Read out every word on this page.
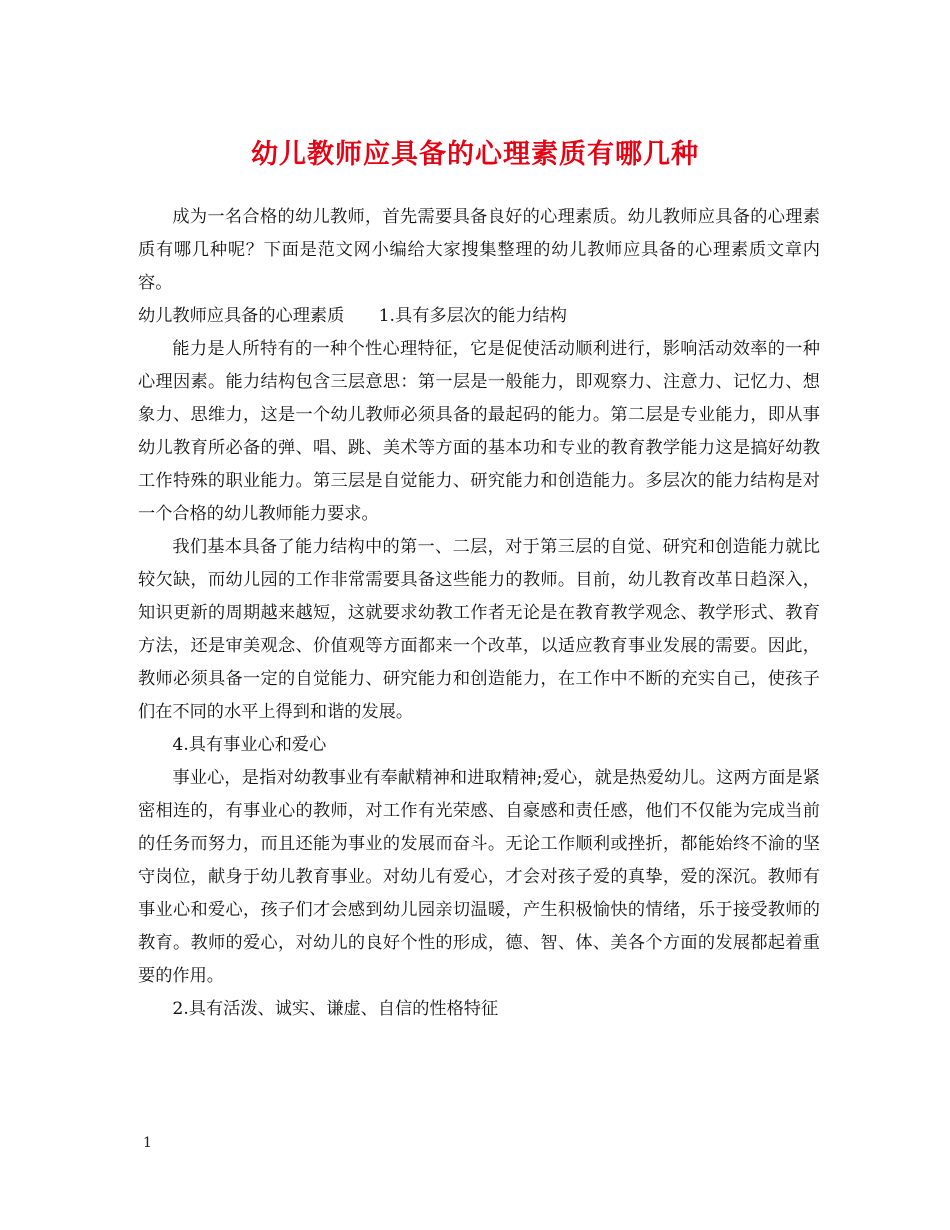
幼儿教师应具备的心理素质有哪几种

成为一名合格的幼儿教师，首先需要具备良好的心理素质。幼儿教师应具备的心理素质有哪几种呢？下面是范文网小编给大家搜集整理的幼儿教师应具备的心理素质文章内容。

幼儿教师应具备的心理素质　　1.具有多层次的能力结构

能力是人所特有的一种个性心理特征，它是促使活动顺利进行，影响活动效率的一种心理因素。能力结构包含三层意思：第一层是一般能力，即观察力、注意力、记忆力、想象力、思维力，这是一个幼儿教师必须具备的最起码的能力。第二层是专业能力，即从事幼儿教育所必备的弹、唱、跳、美术等方面的基本功和专业的教育教学能力这是搞好幼教工作特殊的职业能力。第三层是自觉能力、研究能力和创造能力。多层次的能力结构是对一个合格的幼儿教师能力要求。

我们基本具备了能力结构中的第一、二层，对于第三层的自觉、研究和创造能力就比较欠缺，而幼儿园的工作非常需要具备这些能力的教师。目前，幼儿教育改革日趋深入，知识更新的周期越来越短，这就要求幼教工作者无论是在教育教学观念、教学形式、教育方法，还是审美观念、价值观等方面都来一个改革，以适应教育事业发展的需要。因此，教师必须具备一定的自觉能力、研究能力和创造能力，在工作中不断的充实自己，使孩子们在不同的水平上得到和谐的发展。

4.具有事业心和爱心

事业心，是指对幼教事业有奉献精神和进取精神;爱心，就是热爱幼儿。这两方面是紧密相连的，有事业心的教师，对工作有光荣感、自豪感和责任感，他们不仅能为完成当前的任务而努力，而且还能为事业的发展而奋斗。无论工作顺利或挫折，都能始终不渝的坚守岗位，献身于幼儿教育事业。对幼儿有爱心，才会对孩子爱的真挚，爱的深沉。教师有事业心和爱心，孩子们才会感到幼儿园亲切温暖，产生积极愉快的情绪，乐于接受教师的教育。教师的爱心，对幼儿的良好个性的形成，德、智、体、美各个方面的发展都起着重要的作用。

2.具有活泼、诚实、谦虚、自信的性格特征

1
